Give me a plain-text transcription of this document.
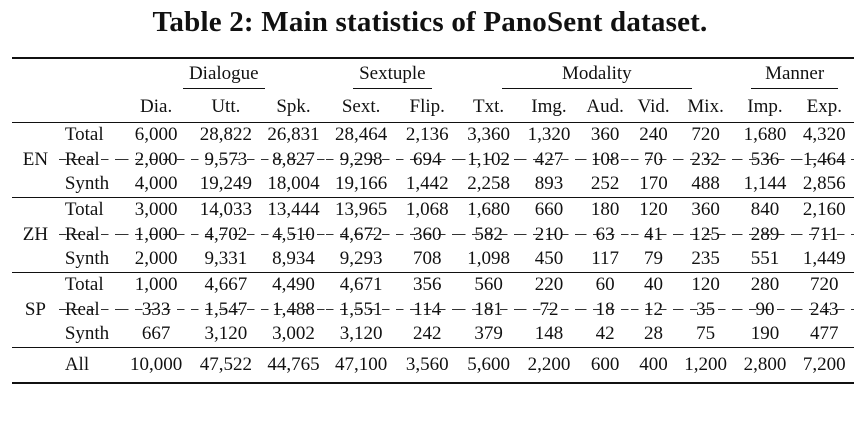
Table 2: Main statistics of PanoSent dataset.
		Dialogue			Sextuple		Modality					Manner	
		Dia.	Utt.	Spk.	Sext.	Flip.	Txt.	Img.	Aud.	Vid.	Mix.	Imp.	Exp.
EN	Total	6,000	28,822	26,831	28,464	2,136	3,360	1,320	360	240	720	1,680	4,320
	Real	2,000	9,573	8,827	9,298	694	1,102	427	108	70	232	536	1,464
	Synth	4,000	19,249	18,004	19,166	1,442	2,258	893	252	170	488	1,144	2,856
ZH	Total	3,000	14,033	13,444	13,965	1,068	1,680	660	180	120	360	840	2,160
	Real	1,000	4,702	4,510	4,672	360	582	210	63	41	125	289	711
	Synth	2,000	9,331	8,934	9,293	708	1,098	450	117	79	235	551	1,449
SP	Total	1,000	4,667	4,490	4,671	356	560	220	60	40	120	280	720
	Real	333	1,547	1,488	1,551	114	181	72	18	12	35	90	243
	Synth	667	3,120	3,002	3,120	242	379	148	42	28	75	190	477
	All	10,000	47,522	44,765	47,100	3,560	5,600	2,200	600	400	1,200	2,800	7,200
